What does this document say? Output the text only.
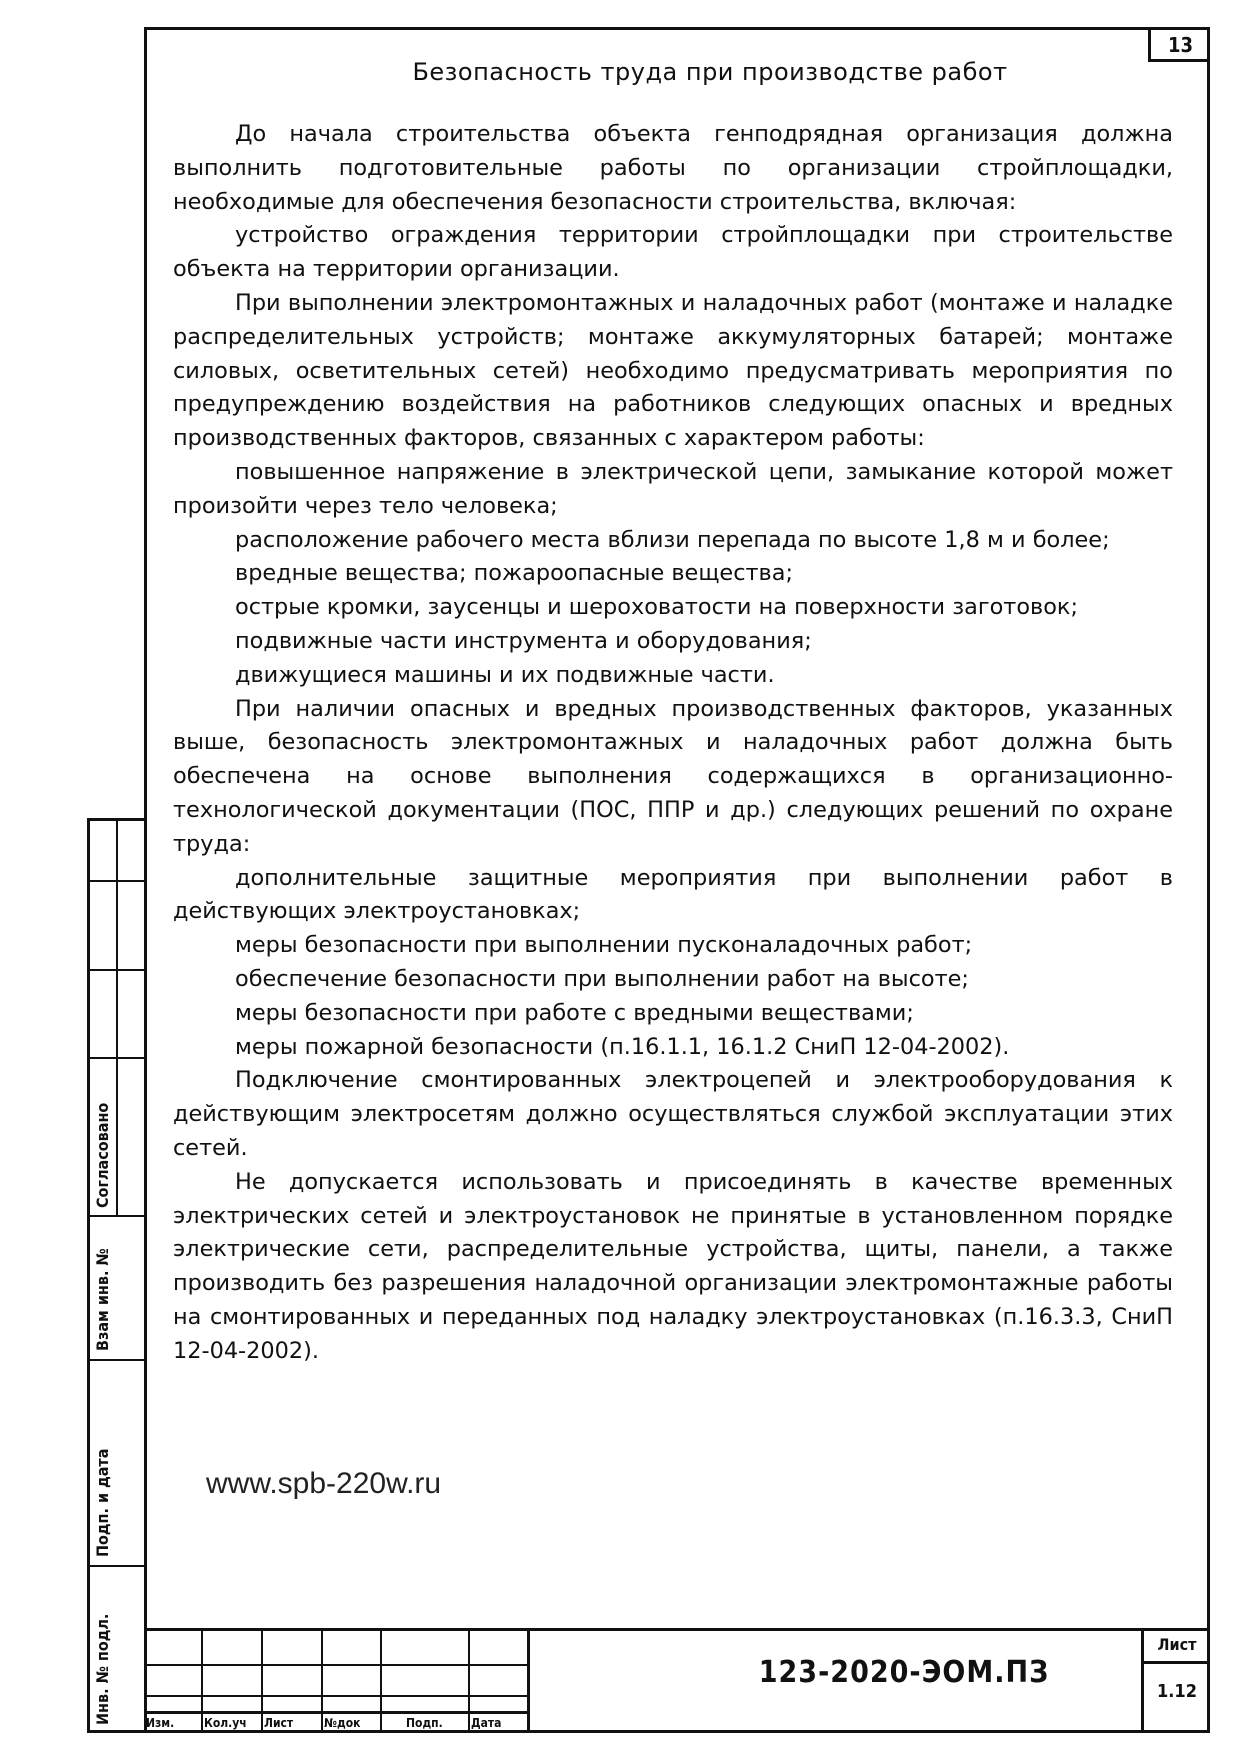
13
Безопасность труда при производстве работ

До начала строительства объекта генподрядная организация должна выполнить подготовительные работы по организации стройплощадки, необходимые для обеспечения безопасности строительства, включая:

устройство ограждения территории стройплощадки при строительстве объекта на территории организации.

При выполнении электромонтажных и наладочных работ (монтаже и наладке распределительных устройств; монтаже аккумуляторных батарей; монтаже силовых, осветительных сетей) необходимо предусматривать мероприятия по предупреждению воздействия на работников следующих опасных и вредных производственных факторов, связанных с характером работы:

повышенное напряжение в электрической цепи, замыкание которой может произойти через тело человека;

расположение рабочего места вблизи перепада по высоте 1,8 м и более;

вредные вещества; пожароопасные вещества;

острые кромки, заусенцы и шероховатости на поверхности заготовок;

подвижные части инструмента и оборудования;

движущиеся машины и их подвижные части.

При наличии опасных и вредных производственных факторов, указанных выше, безопасность электромонтажных и наладочных работ должна быть обеспечена на основе выполнения содержащихся в организационно-технологической документации (ПОС, ППР и др.) следующих решений по охране труда:

дополнительные защитные мероприятия при выполнении работ в действующих электроустановках;

меры безопасности при выполнении пусконаладочных работ;

обеспечение безопасности при выполнении работ на высоте;

меры безопасности при работе с вредными веществами;

меры пожарной безопасности (п.16.1.1, 16.1.2 СниП 12-04-2002).

Подключение смонтированных электроцепей и электрооборудования к действующим электросетям должно осуществляться службой эксплуатации этих сетей.

Не допускается использовать и присоединять в качестве временных электрических сетей и электроустановок не принятые в установленном порядке электрические сети, распределительные устройства, щиты, панели, а также производить без разрешения наладочной организации электромонтажные работы на смонтированных и переданных под наладку электроустановках (п.16.3.3, СниП 12-04-2002).

www.spb-220w.ru
Согласовано
Взам инв. №
Подп. и дата
Инв. № подл.	Изм. Кол.уч Лист	№док	Подп. Дата
123-2020-ЭОМ.ПЗ
Лист
1.12
